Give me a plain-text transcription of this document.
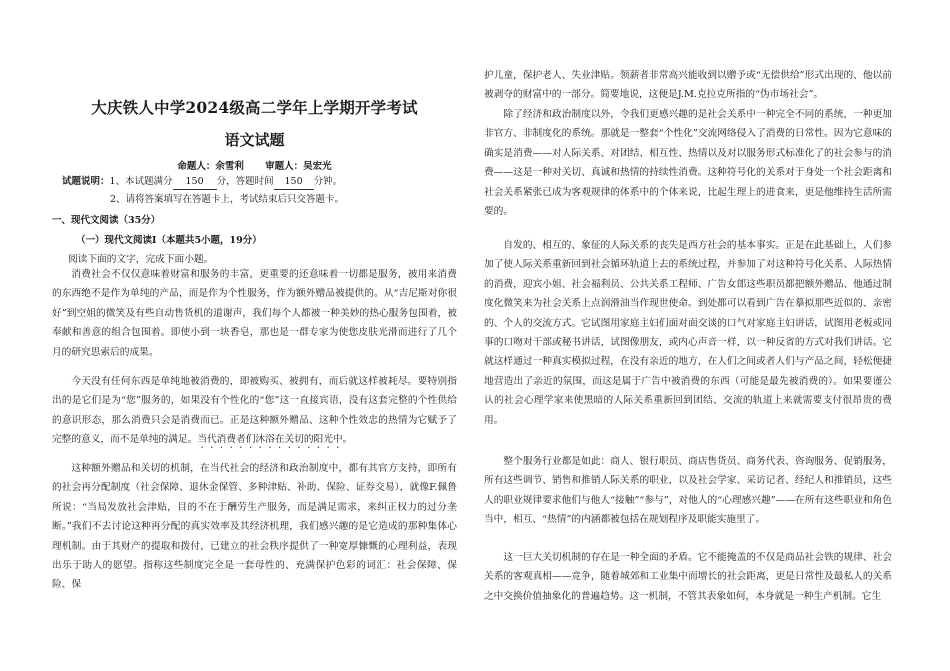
大庆铁人中学2024级高二学年上学期开学考试
语文试题
命题人：余雪利 审题人：吴宏光
试题说明：1、本试题满分 150 分，答题时间 150 分钟。
2、请将答案填写在答题卡上，考试结束后只交答题卡。
一、现代文阅读（35分）
（一）现代文阅读Ⅰ（本题共5小题，19分）
阅读下面的文字，完成下面小题。
消费社会不仅仅意味着财富和服务的丰富，更重要的还意味着一切都是服务，被用来消费的东西绝不是作为单纯的产品，而是作为个性服务，作为额外赠品被提供的。从“吉尼斯对你很好”到空姐的微笑及有些自动售货机的道谢声，我们每个人都被一种美妙的热心服务包围着，被奉献和善意的组合包围着。即使小到一块香皂，那也是一群专家为使您皮肤光滑而进行了几个月的研究思索后的成果。
今天没有任何东西是单纯地被消费的，即被购买、被拥有，而后就这样被耗尽。要特别指出的是它们是为“您”服务的，如果没有个性化的“您”这一直接宾语，没有这套完整的个性供给的意识形态，那么消费只会是消费而已。正是这种额外赠品、这种个性效忠的热情为它赋予了完整的意义，而不是单纯的满足。当代消费者们沐浴在关切的阳光中。
这种额外赠品和关切的机制，在当代社会的经济和政治制度中，都有其官方支持，即所有的社会再分配制度（社会保障、退休金保管、多种津贴、补助、保险、证券交易），就像F.佩鲁所说：“当局发放社会津贴，目的不在于酬劳生产服务，而是满足需求，来纠正权力的过分垄断。”我们不去讨论这种再分配的真实效率及其经济机理，我们感兴趣的是它造成的那种集体心理机制。由于其财产的提取和拨付，已建立的社会秩序提供了一种宽厚慷慨的心理利益，表现出乐于助人的愿望。指称这些制度完全是一套母性的、充满保护色彩的词汇：社会保障、保险、保
护儿童，保护老人、失业津贴。领薪者非常高兴能收到以赠予或“无偿供给”形式出现的、他以前被剥夺的财富中的一部分。简要地说，这便是J.M.克拉克所指的“伪市场社会”。
除了经济和政治制度以外，令我们更感兴趣的是社会关系中一种完全不同的系统，一种更加非官方、非制度化的系统。那就是一整套“个性化”交流网络侵入了消费的日常性。因为它意味的确实是消费——对人际关系、对团结、相互性、热情以及对以服务形式标准化了的社会参与的消费——这是一种对关切、真诚和热情的持续性消费。这种符号化的关系对于身处一个社会距离和社会关系紧张已成为客观规律的体系中的个体来说，比起生理上的进食来，更是他维持生活所需要的。
自发的、相互的、象征的人际关系的丧失是西方社会的基本事实。正是在此基础上，人们参加了使人际关系重新回到社会循环轨道上去的系统过程，并参加了对这种符号化关系、人际热情的消费，迎宾小姐、社会福利员、公共关系工程师、广告女郎这些职员都把额外赠品、他通过制度化微笑来为社会关系上点润滑油当作现世使命。到处都可以看到广告在摹拟那些近似的、亲密的、个人的交流方式。它试图用家庭主妇们面对面交谈的口气对家庭主妇讲话，试图用老板或同事的口吻对干部或秘书讲话，试图像朋友，或内心声音一样，以一种反省的方式对我们讲话。它就这样通过一种真实模拟过程，在没有亲近的地方，在人们之间或者人们与产品之间，轻松便捷地营造出了亲近的氛围，而这是属于广告中被消费的东西（可能是最先被消费的）。如果要谨公认的社会心理学家来使黑暗的人际关系重新回到团结、交流的轨道上来就需要支付很昂贵的费用。
整个服务行业都是如此：商人、银行职员、商店售货员、商务代表、咨询服务、促销服务，所有这些调节、销售和推销人际关系的职业，以及社会学家、采访记者、经纪人和推销员，这些人的职业规律要求他们与他人“接触”“参与”，对他人的“心理感兴趣”——在所有这些职业和角色当中，相互、“热情”的内涵都被包括在规划程序及职能实施里了。
这一巨大关切机制的存在是一种全面的矛盾。它不能掩盖的不仅是商品社会铁的规律、社会关系的客观真相——竞争，随着城郊和工业集中而增长的社会距离，更是日常性及最私人的关系之中交换价值抽象化的普遍趋势。这一机制，不管其表象如何，本身就是一种生产机制。它生
